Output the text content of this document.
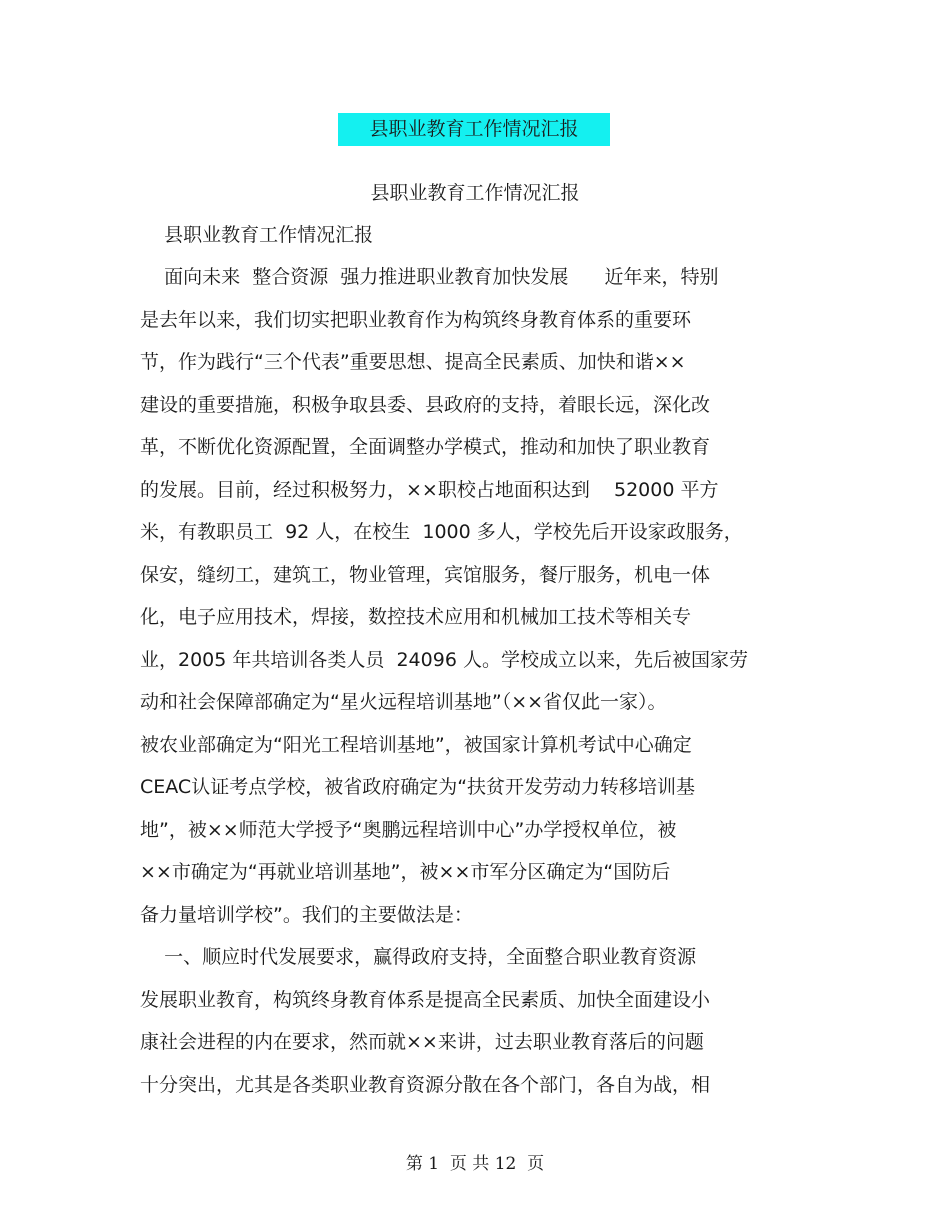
县职业教育工作情况汇报
县职业教育工作情况汇报
县职业教育工作情况汇报
面向未来  整合资源  强力推进职业教育加快发展      近年来，特别
是去年以来，我们切实把职业教育作为构筑终身教育体系的重要环
节，作为践行“三个代表”重要思想、提高全民素质、加快和谐××
建设的重要措施，积极争取县委、县政府的支持，着眼长远，深化改
革，不断优化资源配置，全面调整办学模式，推动和加快了职业教育
的发展。目前，经过积极努力，××职校占地面积达到    52000 平方
米，有教职员工  92 人，在校生  1000 多人，学校先后开设家政服务，
保安，缝纫工，建筑工，物业管理，宾馆服务，餐厅服务，机电一体
化，电子应用技术，焊接，数控技术应用和机械加工技术等相关专
业，2005 年共培训各类人员  24096 人。学校成立以来，先后被国家劳
动和社会保障部确定为“星火远程培训基地”（××省仅此一家）。
被农业部确定为“阳光工程培训基地”，被国家计算机考试中心确定
CEAC认证考点学校，被省政府确定为“扶贫开发劳动力转移培训基
地”，被××师范大学授予“奥鹏远程培训中心”办学授权单位，被
××市确定为“再就业培训基地”，被××市军分区确定为“国防后
备力量培训学校”。我们的主要做法是：
一、顺应时代发展要求，赢得政府支持，全面整合职业教育资源
发展职业教育，构筑终身教育体系是提高全民素质、加快全面建设小
康社会进程的内在要求，然而就××来讲，过去职业教育落后的问题
十分突出，尤其是各类职业教育资源分散在各个部门，各自为战，相
第 1  页 共 12  页
